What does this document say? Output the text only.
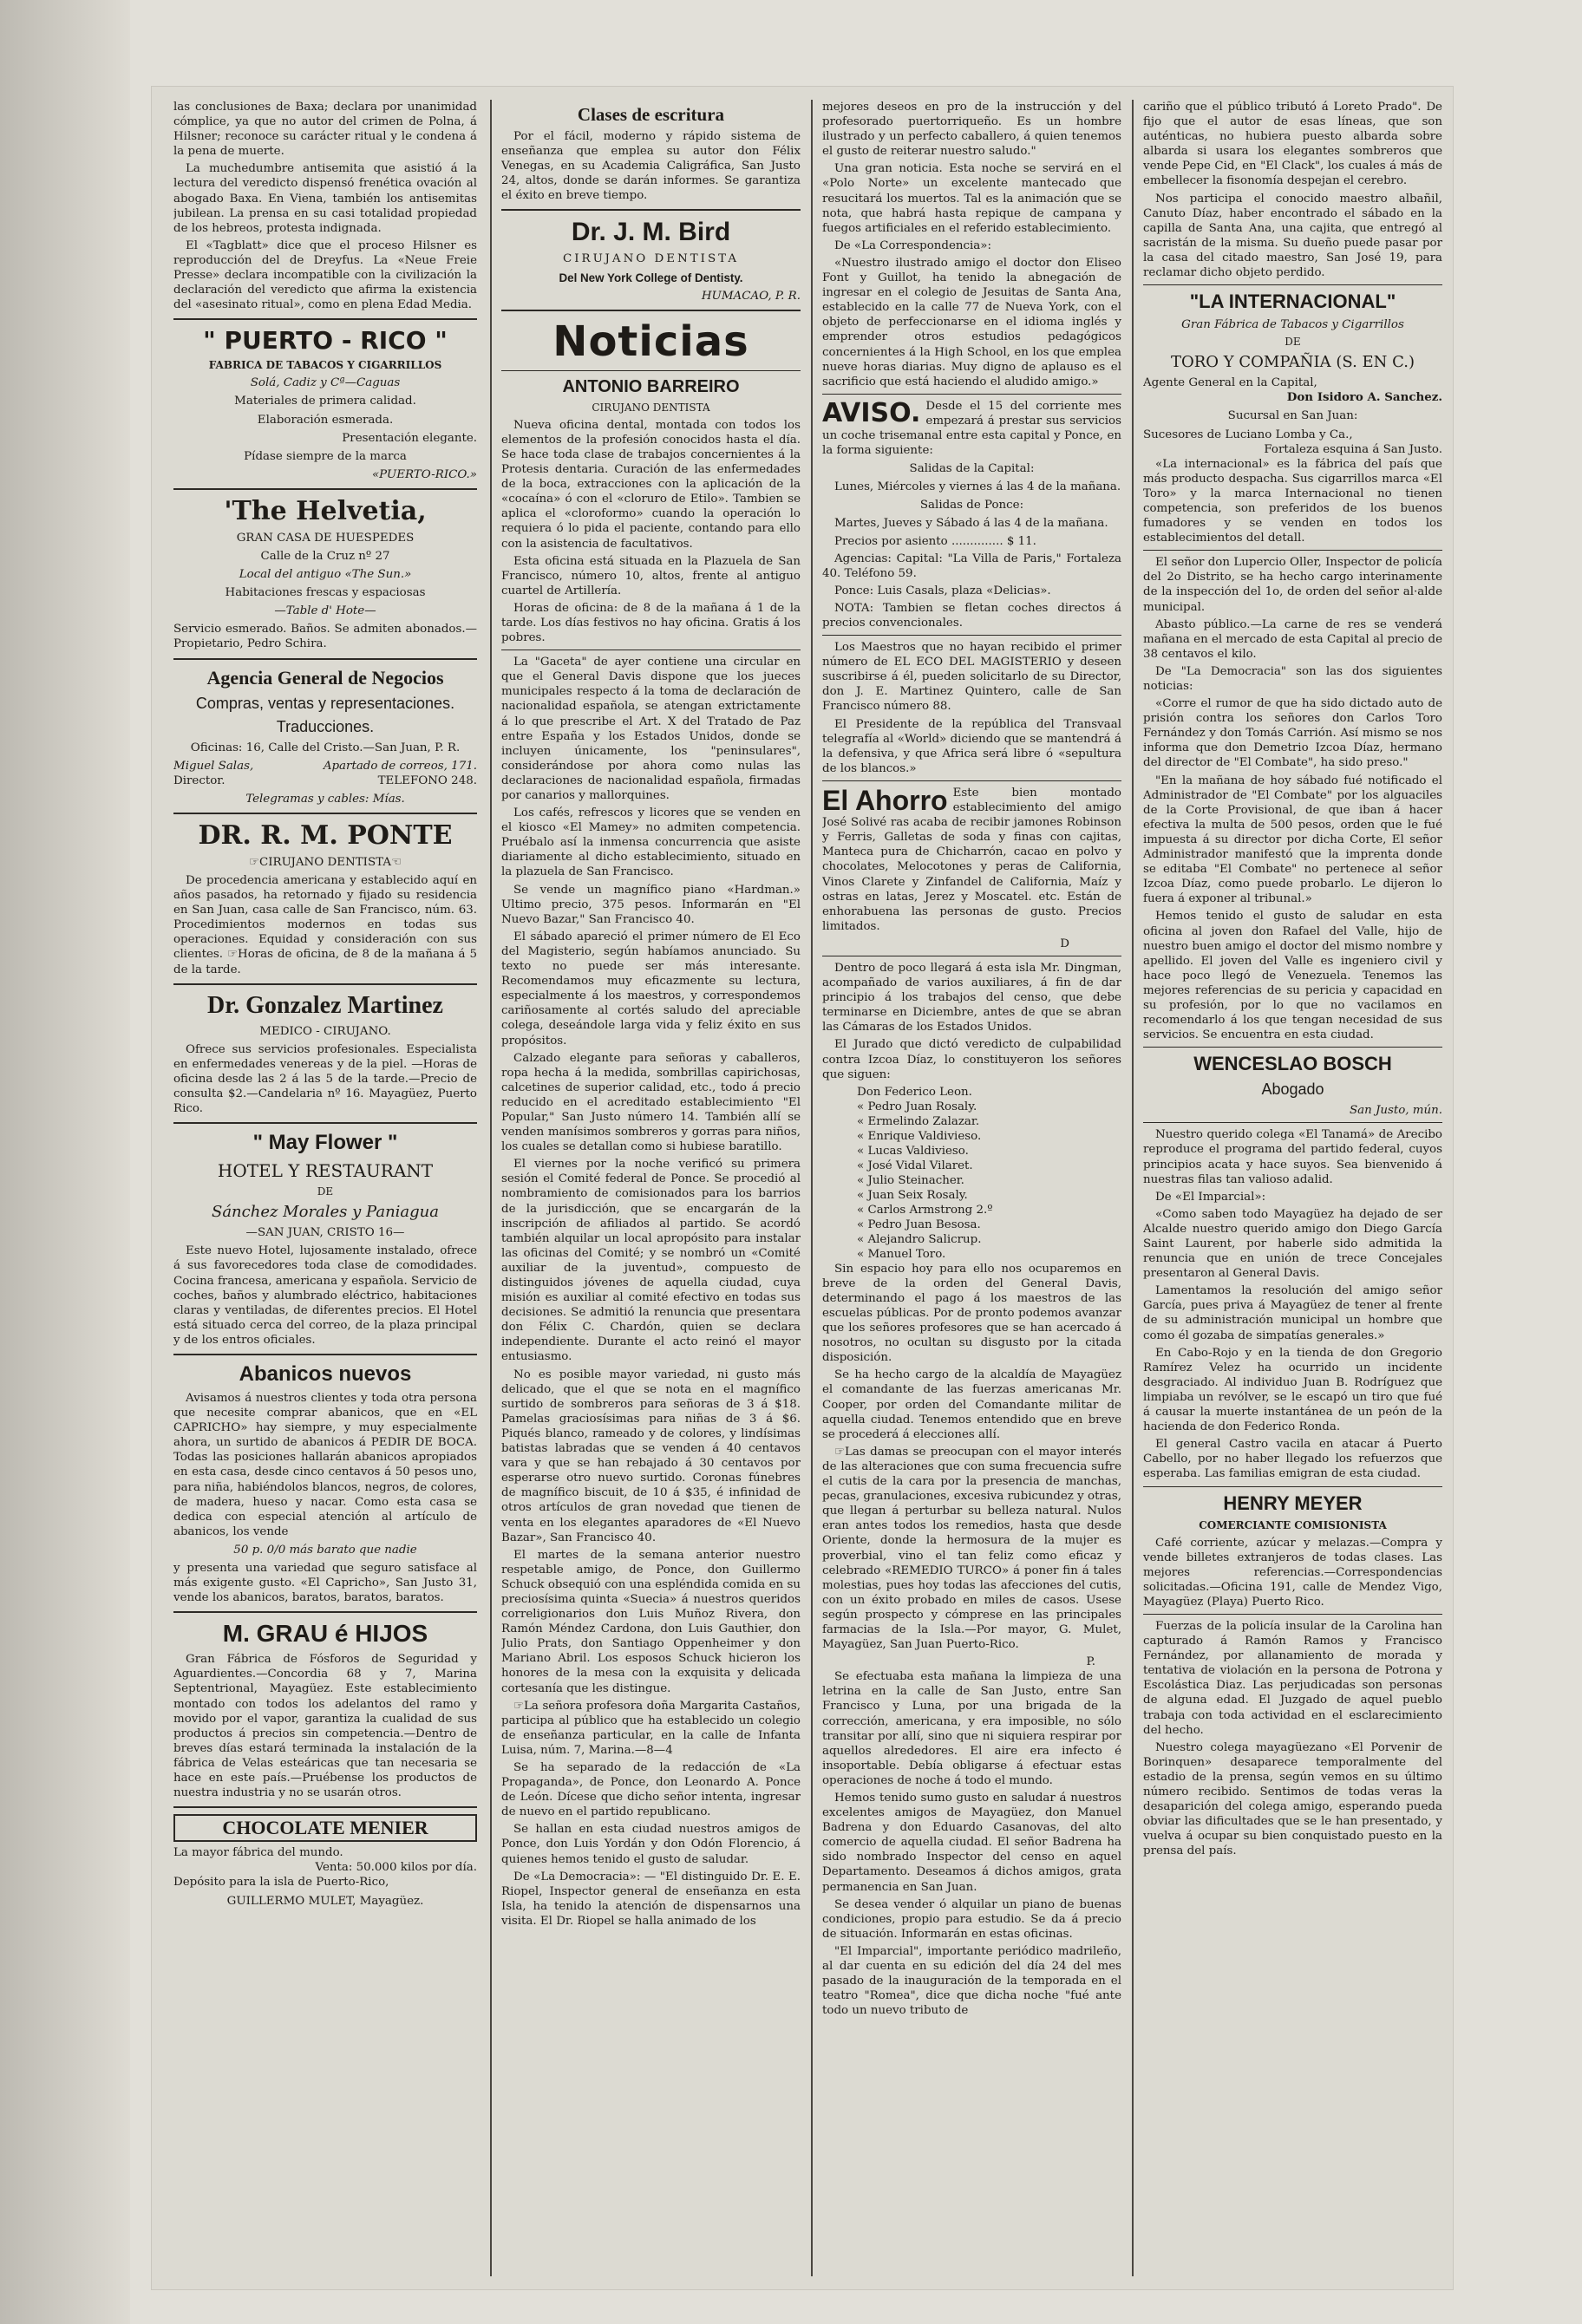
las conclusiones de Baxa; declara por unanimidad cómplice, ya que no autor del crimen de Polna, á Hilsner; reconoce su carácter ritual y le condena á la pena de muerte.

La muchedumbre antisemita que asistió á la lectura del veredicto dispensó frenética ovación al abogado Baxa. En Viena, también los antisemitas jubilean. La prensa en su casi totalidad propiedad de los hebreos, protesta indignada.

El «Tagblatt» dice que el proceso Hilsner es reproducción del de Dreyfus. La «Neue Freie Presse» declara incompatible con la civilización la declaración del veredicto que afirma la existencia del «asesinato ritual», como en plena Edad Media.

" PUERTO - RICO "
FABRICA DE TABACOS Y CIGARRILLOS
Solá, Cadiz y Cª—Caguas
Materiales de primera calidad.
Elaboración esmerada.
Presentación elegante.
Pídase siempre de la marca
«PUERTO-RICO.»
'The Helvetia,
GRAN CASA DE HUESPEDES
Calle de la Cruz nº 27
Local del antiguo «The Sun.»
Habitaciones frescas y espaciosas
—Table d' Hote—

Servicio esmerado. Baños. Se admiten abonados.—Propietario, Pedro Schira.

Agencia General de Negocios
Compras, ventas y representaciones.
Traducciones.
Oficinas: 16, Calle del Cristo.—San Juan, P. R.
Miguel Salas,	Apartado de correos, 171.
Director.	TELEFONO 248.
Telegramas y cables: Mías.
DR. R. M. PONTE
☞CIRUJANO DENTISTA☜

De procedencia americana y establecido aquí en años pasados, ha retornado y fijado su residencia en San Juan, casa calle de San Francisco, núm. 63. Procedimientos modernos en todas sus operaciones. Equidad y consideración con sus clientes. ☞Horas de oficina, de 8 de la mañana á 5 de la tarde.

Dr. Gonzalez Martinez
MEDICO - CIRUJANO.

Ofrece sus servicios profesionales. Especialista en enfermedades venereas y de la piel. —Horas de oficina desde las 2 á las 5 de la tarde.—Precio de consulta $2.—Candelaria nº 16. Mayagüez, Puerto Rico.

" May Flower "
HOTEL Y RESTAURANT
DE
Sánchez Morales y Paniagua
—SAN JUAN, CRISTO 16—

Este nuevo Hotel, lujosamente instalado, ofrece á sus favorecedores toda clase de comodidades. Cocina francesa, americana y española. Servicio de coches, baños y alumbrado eléctrico, habitaciones claras y ventiladas, de diferentes precios. El Hotel está situado cerca del correo, de la plaza principal y de los entros oficiales.

Abanicos nuevos

Avisamos á nuestros clientes y toda otra persona que necesite comprar abanicos, que en «EL CAPRICHO» hay siempre, y muy especialmente ahora, un surtido de abanicos á PEDIR DE BOCA. Todas las posiciones hallarán abanicos apropiados en esta casa, desde cinco centavos á 50 pesos uno, para niña, habiéndolos blancos, negros, de colores, de madera, hueso y nacar. Como esta casa se dedica con especial atención al artículo de abanicos, los vende

50 p. 0/0 más barato que nadie

y presenta una variedad que seguro satisface al más exigente gusto. «El Capricho», San Justo 31, vende los abanicos, baratos, baratos, baratos.

M. GRAU é HIJOS

Gran Fábrica de Fósforos de Seguridad y Aguardientes.—Concordia 68 y 7, Marina Septentrional, Mayagüez. Este establecimiento montado con todos los adelantos del ramo y movido por el vapor, garantiza la cualidad de sus productos á precios sin competencia.—Dentro de breves días estará terminada la instalación de la fábrica de Velas esteáricas que tan necesaria se hace en este país.—Pruébense los productos de nuestra industria y no se usarán otros.

CHOCOLATE MENIER
La mayor fábrica del mundo.
Venta: 50.000 kilos por día.
Depósito para la isla de Puerto-Rico,
GUILLERMO MULET, Mayagüez.
Clases de escritura

Por el fácil, moderno y rápido sistema de enseñanza que emplea su autor don Félix Venegas, en su Academia Caligráfica, San Justo 24, altos, donde se darán informes. Se garantiza el éxito en breve tiempo.

Dr. J. M. Bird
CIRUJANO DENTISTA
Del New York College of Dentisty.
HUMACAO, P. R.
Noticias
ANTONIO BARREIRO
CIRUJANO DENTISTA

Nueva oficina dental, montada con todos los elementos de la profesión conocidos hasta el día. Se hace toda clase de trabajos concernientes á la Protesis dentaria. Curación de las enfermedades de la boca, extracciones con la aplicación de la «cocaína» ó con el «cloruro de Etilo». Tambien se aplica el «cloroformo» cuando la operación lo requiera ó lo pida el paciente, contando para ello con la asistencia de facultativos.

Esta oficina está situada en la Plazuela de San Francisco, número 10, altos, frente al antiguo cuartel de Artillería.

Horas de oficina: de 8 de la mañana á 1 de la tarde. Los días festivos no hay oficina. Gratis á los pobres.

La "Gaceta" de ayer contiene una circular en que el General Davis dispone que los jueces municipales respecto á la toma de declaración de nacionalidad española, se atengan extrictamente á lo que prescribe el Art. X del Tratado de Paz entre España y los Estados Unidos, donde se incluyen únicamente, los "peninsulares", considerándose por ahora como nulas las declaraciones de nacionalidad española, firmadas por canarios y mallorquines.

Los cafés, refrescos y licores que se venden en el kiosco «El Mamey» no admiten competencia. Pruébalo así la inmensa concurrencia que asiste diariamente al dicho establecimiento, situado en la plazuela de San Francisco.

Se vende un magnífico piano «Hardman.» Ultimo precio, 375 pesos. Informarán en "El Nuevo Bazar," San Francisco 40.

El sábado apareció el primer número de El Eco del Magisterio, según habíamos anunciado. Su texto no puede ser más interesante. Recomendamos muy eficazmente su lectura, especialmente á los maestros, y correspondemos cariñosamente al cortés saludo del apreciable colega, deseándole larga vida y feliz éxito en sus propósitos.

Calzado elegante para señoras y caballeros, ropa hecha á la medida, sombrillas capirichosas, calcetines de superior calidad, etc., todo á precio reducido en el acreditado establecimiento "El Popular," San Justo número 14. También allí se venden manísimos sombreros y gorras para niños, los cuales se detallan como si hubiese baratillo.

El viernes por la noche verificó su primera sesión el Comité federal de Ponce. Se procedió al nombramiento de comisionados para los barrios de la jurisdicción, que se encargarán de la inscripción de afiliados al partido. Se acordó también alquilar un local apropósito para instalar las oficinas del Comité; y se nombró un «Comité auxiliar de la juventud», compuesto de distinguidos jóvenes de aquella ciudad, cuya misión es auxiliar al comité efectivo en todas sus decisiones. Se admitió la renuncia que presentara don Félix C. Chardón, quien se declara independiente. Durante el acto reinó el mayor entusiasmo.

No es posible mayor variedad, ni gusto más delicado, que el que se nota en el magnífico surtido de sombreros para señoras de 3 á $18. Pamelas graciosísimas para niñas de 3 á $6. Piqués blanco, rameado y de colores, y lindísimas batistas labradas que se venden á 40 centavos vara y que se han rebajado á 30 centavos por esperarse otro nuevo surtido. Coronas fúnebres de magnífico biscuit, de 10 á $35, é infinidad de otros artículos de gran novedad que tienen de venta en los elegantes aparadores de «El Nuevo Bazar», San Francisco 40.

El martes de la semana anterior nuestro respetable amigo, de Ponce, don Guillermo Schuck obsequió con una espléndida comida en su preciosísima quinta «Suecia» á nuestros queridos correligionarios don Luis Muñoz Rivera, don Ramón Méndez Cardona, don Luis Gauthier, don Julio Prats, don Santiago Oppenheimer y don Mariano Abril. Los esposos Schuck hicieron los honores de la mesa con la exquisita y delicada cortesanía que les distingue.

☞La señora profesora doña Margarita Castaños, participa al público que ha establecido un colegio de enseñanza particular, en la calle de Infanta Luisa, núm. 7, Marina.—8—4

Se ha separado de la redacción de «La Propaganda», de Ponce, don Leonardo A. Ponce de León. Dícese que dicho señor intenta, ingresar de nuevo en el partido republicano.

Se hallan en esta ciudad nuestros amigos de Ponce, don Luis Yordán y don Odón Florencio, á quienes hemos tenido el gusto de saludar.

De «La Democracia»: — "El distinguido Dr. E. E. Riopel, Inspector general de enseñanza en esta Isla, ha tenido la atención de dispensarnos una visita. El Dr. Riopel se halla animado de los

mejores deseos en pro de la instrucción y del profesorado puertorriqueño. Es un hombre ilustrado y un perfecto caballero, á quien tenemos el gusto de reiterar nuestro saludo."

Una gran noticia. Esta noche se servirá en el «Polo Norte» un excelente mantecado que resucitará los muertos. Tal es la animación que se nota, que habrá hasta repique de campana y fuegos artificiales en el referido establecimiento.

De «La Correspondencia»:

«Nuestro ilustrado amigo el doctor don Eliseo Font y Guillot, ha tenido la abnegación de ingresar en el colegio de Jesuitas de Santa Ana, establecido en la calle 77 de Nueva York, con el objeto de perfeccionarse en el idioma inglés y emprender otros estudios pedagógicos concernientes á la High School, en los que emplea nueve horas diarias. Muy digno de aplauso es el sacrificio que está haciendo el aludido amigo.»

AVISO. Desde el 15 del corriente mes empezará á prestar sus servicios un coche trisemanal entre esta capital y Ponce, en la forma siguiente:

Salidas de la Capital:

Lunes, Miércoles y viernes á las 4 de la mañana.

Salidas de Ponce:

Martes, Jueves y Sábado á las 4 de la mañana.

Precios por asiento .............. $ 11.

Agencias: Capital: "La Villa de Paris," Fortaleza 40. Teléfono 59.

Ponce: Luis Casals, plaza «Delicias».

NOTA: Tambien se fletan coches directos á precios convencionales.

Los Maestros que no hayan recibido el primer número de EL ECO DEL MAGISTERIO y deseen suscribirse á él, pueden solicitarlo de su Director, don J. E. Martinez Quintero, calle de San Francisco número 88.

El Presidente de la república del Transvaal telegrafía al «World» diciendo que se mantendrá á la defensiva, y que Africa será libre ó «sepultura de los blancos.»

El Ahorro Este bien montado establecimiento del amigo José Solivé ras acaba de recibir jamones Robinson y Ferris, Galletas de soda y finas con cajitas, Manteca pura de Chicharrón, cacao en polvo y chocolates, Melocotones y peras de California, Vinos Clarete y Zinfandel de California, Maíz y ostras en latas, Jerez y Moscatel. etc. Están de enhorabuena las personas de gusto. Precios limitados.

D

Dentro de poco llegará á esta isla Mr. Dingman, acompañado de varios auxiliares, á fin de dar principio á los trabajos del censo, que debe terminarse en Diciembre, antes de que se abran las Cámaras de los Estados Unidos.

El Jurado que dictó veredicto de culpabilidad contra Izcoa Díaz, lo constituyeron los señores que siguen:

Don Federico Leon.
« Pedro Juan Rosaly.
« Ermelindo Zalazar.
« Enrique Valdivieso.
« Lucas Valdivieso.
« José Vidal Vilaret.
« Julio Steinacher.
« Juan Seix Rosaly.
« Carlos Armstrong 2.º
« Pedro Juan Besosa.
« Alejandro Salicrup.
« Manuel Toro.

Sin espacio hoy para ello nos ocuparemos en breve de la orden del General Davis, determinando el pago á los maestros de las escuelas públicas. Por de pronto podemos avanzar que los señores profesores que se han acercado á nosotros, no ocultan su disgusto por la citada disposición.

Se ha hecho cargo de la alcaldía de Mayagüez el comandante de las fuerzas americanas Mr. Cooper, por orden del Comandante militar de aquella ciudad. Tenemos entendido que en breve se procederá á elecciones allí.

☞Las damas se preocupan con el mayor interés de las alteraciones que con suma frecuencia sufre el cutis de la cara por la presencia de manchas, pecas, granulaciones, excesiva rubicundez y otras, que llegan á perturbar su belleza natural. Nulos eran antes todos los remedios, hasta que desde Oriente, donde la hermosura de la mujer es proverbial, vino el tan feliz como eficaz y celebrado «REMEDIO TURCO» á poner fin á tales molestias, pues hoy todas las afecciones del cutis, con un éxito probado en miles de casos. Usese según prospecto y cómprese en las principales farmacias de la Isla.—Por mayor, G. Mulet, Mayagüez, San Juan Puerto-Rico.

P.

Se efectuaba esta mañana la limpieza de una letrina en la calle de San Justo, entre San Francisco y Luna, por una brigada de la corrección, americana, y era imposible, no sólo transitar por allí, sino que ni siquiera respirar por aquellos alrededores. El aire era infecto é insoportable. Debía obligarse á efectuar estas operaciones de noche á todo el mundo.

Hemos tenido sumo gusto en saludar á nuestros excelentes amigos de Mayagüez, don Manuel Badrena y don Eduardo Casanovas, del alto comercio de aquella ciudad. El señor Badrena ha sido nombrado Inspector del censo en aquel Departamento. Deseamos á dichos amigos, grata permanencia en San Juan.

Se desea vender ó alquilar un piano de buenas condiciones, propio para estudio. Se da á precio de situación. Informarán en estas oficinas.

"El Imparcial", importante periódico madrileño, al dar cuenta en su edición del día 24 del mes pasado de la inauguración de la temporada en el teatro "Romea", dice que dicha noche "fué ante todo un nuevo tributo de

cariño que el público tributó á Loreto Prado". De fijo que el autor de esas líneas, que son auténticas, no hubiera puesto albarda sobre albarda si usara los elegantes sombreros que vende Pepe Cid, en "El Clack", los cuales á más de embellecer la fisonomía despejan el cerebro.

Nos participa el conocido maestro albañil, Canuto Díaz, haber encontrado el sábado en la capilla de Santa Ana, una cajita, que entregó al sacristán de la misma. Su dueño puede pasar por la casa del citado maestro, San José 19, para reclamar dicho objeto perdido.

"LA INTERNACIONAL"
Gran Fábrica de Tabacos y Cigarrillos
DE
TORO Y COMPAÑIA (S. EN C.)
Agente General en la Capital,
Don Isidoro A. Sanchez.
Sucursal en San Juan:
Sucesores de Luciano Lomba y Ca.,
Fortaleza esquina á San Justo.

«La internacional» es la fábrica del país que más producto despacha. Sus cigarrillos marca «El Toro» y la marca Internacional no tienen competencia, son preferidos de los buenos fumadores y se venden en todos los establecimientos del detall.

El señor don Lupercio Oller, Inspector de policía del 2o Distrito, se ha hecho cargo interinamente de la inspección del 1o, de orden del señor al·alde municipal.

Abasto público.—La carne de res se venderá mañana en el mercado de esta Capital al precio de 38 centavos el kilo.

De "La Democracia" son las dos siguientes noticias:

«Corre el rumor de que ha sido dictado auto de prisión contra los señores don Carlos Toro Fernández y don Tomás Carrión. Así mismo se nos informa que don Demetrio Izcoa Díaz, hermano del director de "El Combate", ha sido preso."

"En la mañana de hoy sábado fué notificado el Administrador de "El Combate" por los alguaciles de la Corte Provisional, de que iban á hacer efectiva la multa de 500 pesos, orden que le fué impuesta á su director por dicha Corte, El señor Administrador manifestó que la imprenta donde se editaba "El Combate" no pertenece al señor Izcoa Díaz, como puede probarlo. Le dijeron lo fuera á exponer al tribunal.»

Hemos tenido el gusto de saludar en esta oficina al joven don Rafael del Valle, hijo de nuestro buen amigo el doctor del mismo nombre y apellido. El joven del Valle es ingeniero civil y hace poco llegó de Venezuela. Tenemos las mejores referencias de su pericia y capacidad en su profesión, por lo que no vacilamos en recomendarlo á los que tengan necesidad de sus servicios. Se encuentra en esta ciudad.

WENCESLAO BOSCH
Abogado
San Justo, mún.

Nuestro querido colega «El Tanamá» de Arecibo reproduce el programa del partido federal, cuyos principios acata y hace suyos. Sea bienvenido á nuestras filas tan valioso adalid.

De «El Imparcial»:

«Como saben todo Mayagüez ha dejado de ser Alcalde nuestro querido amigo don Diego García Saint Laurent, por haberle sido admitida la renuncia que en unión de trece Concejales presentaron al General Davis.

Lamentamos la resolución del amigo señor García, pues priva á Mayagüez de tener al frente de su administración municipal un hombre que como él gozaba de simpatías generales.»

En Cabo-Rojo y en la tienda de don Gregorio Ramírez Velez ha ocurrido un incidente desgraciado. Al individuo Juan B. Rodríguez que limpiaba un revólver, se le escapó un tiro que fué á causar la muerte instantánea de un peón de la hacienda de don Federico Ronda.

El general Castro vacila en atacar á Puerto Cabello, por no haber llegado los refuerzos que esperaba. Las familias emigran de esta ciudad.

HENRY MEYER
COMERCIANTE COMISIONISTA

Café corriente, azúcar y melazas.—Compra y vende billetes extranjeros de todas clases. Las mejores referencias.—Correspondencias solicitadas.—Oficina 191, calle de Mendez Vigo, Mayagüez (Playa) Puerto Rico.

Fuerzas de la policía insular de la Carolina han capturado á Ramón Ramos y Francisco Fernández, por allanamiento de morada y tentativa de violación en la persona de Potrona y Escolástica Diaz. Las perjudicadas son personas de alguna edad. El Juzgado de aquel pueblo trabaja con toda actividad en el esclarecimiento del hecho.

Nuestro colega mayagüezano «El Porvenir de Borinquen» desaparece temporalmente del estadio de la prensa, según vemos en su último número recibido. Sentimos de todas veras la desaparición del colega amigo, esperando pueda obviar las dificultades que se le han presentado, y vuelva á ocupar su bien conquistado puesto en la prensa del país.
